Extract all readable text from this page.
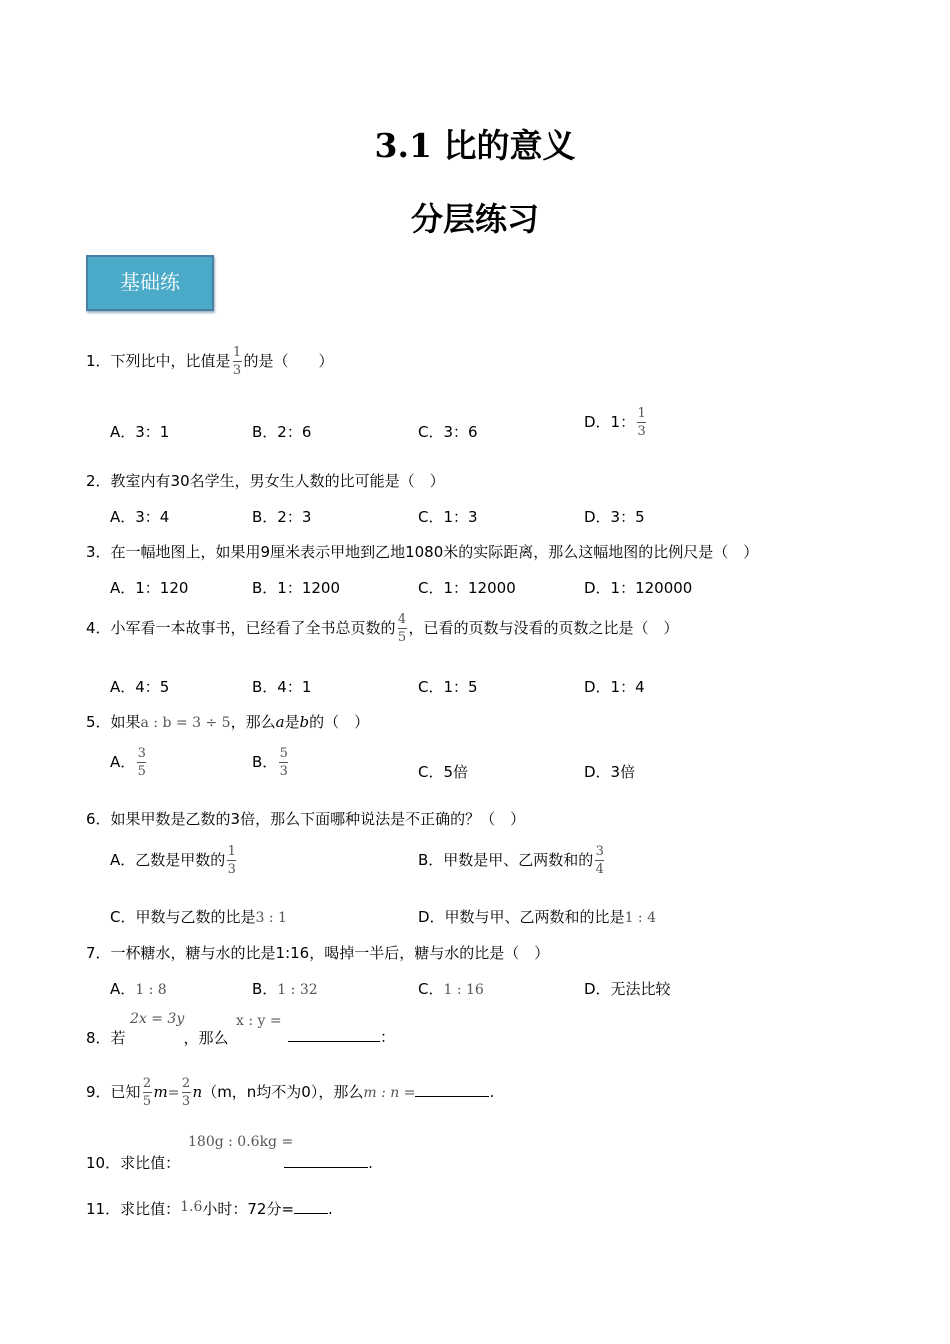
3.1 比的意义
分层练习
基础练
1．下列比中，比值是 $\frac{1}{3}$ 的是（　　）
A．3：1	B．2：6	C．3：6
D．1： $\frac{1}{3}$
2．教室内有30名学生，男女生人数的比可能是（　）
A．3：4	B．2：3	C．1：3	D．3：5
3．在一幅地图上，如果用9厘米表示甲地到乙地1080米的实际距离，那么这幅地图的比例尺是（　）
A．1：120	B．1：1200	C．1：12000	D．1：120000
4．小军看一本故事书，已经看了全书总页数的 $\frac{4}{5}$ ，已看的页数与没看的页数之比是（　）
A．4：5	B．4：1	C．1：5	D．1：4
5．如果a : b = 3 ÷ 5，那么a是b的（　）
A． $\frac{3}{5}$	B． $\frac{5}{3}$	C．5倍	D．3倍
6．如果甲数是乙数的3倍，那么下面哪种说法是不正确的？（　）
A．乙数是甲数的 $\frac{1}{3}$	B．甲数是甲、乙两数和的 $\frac{3}{4}$
C．甲数与乙数的比是3 : 1	D．甲数与甲、乙两数和的比是1 : 4
7．一杯糖水，糖与水的比是1:16，喝掉一半后，糖与水的比是（　）
A．1 : 8	B．1 : 32	C．1 : 16	D．无法比较
8．若	，那么
2x = 3y	x : y =
：
9．已知 $\frac{2}{5} m= \frac{2}{3} n(m$，n均不为0），那么m : n =	.
10．求比值：	.
180g : 0.6kg =
11．求比值：1.6小时：72分= .
